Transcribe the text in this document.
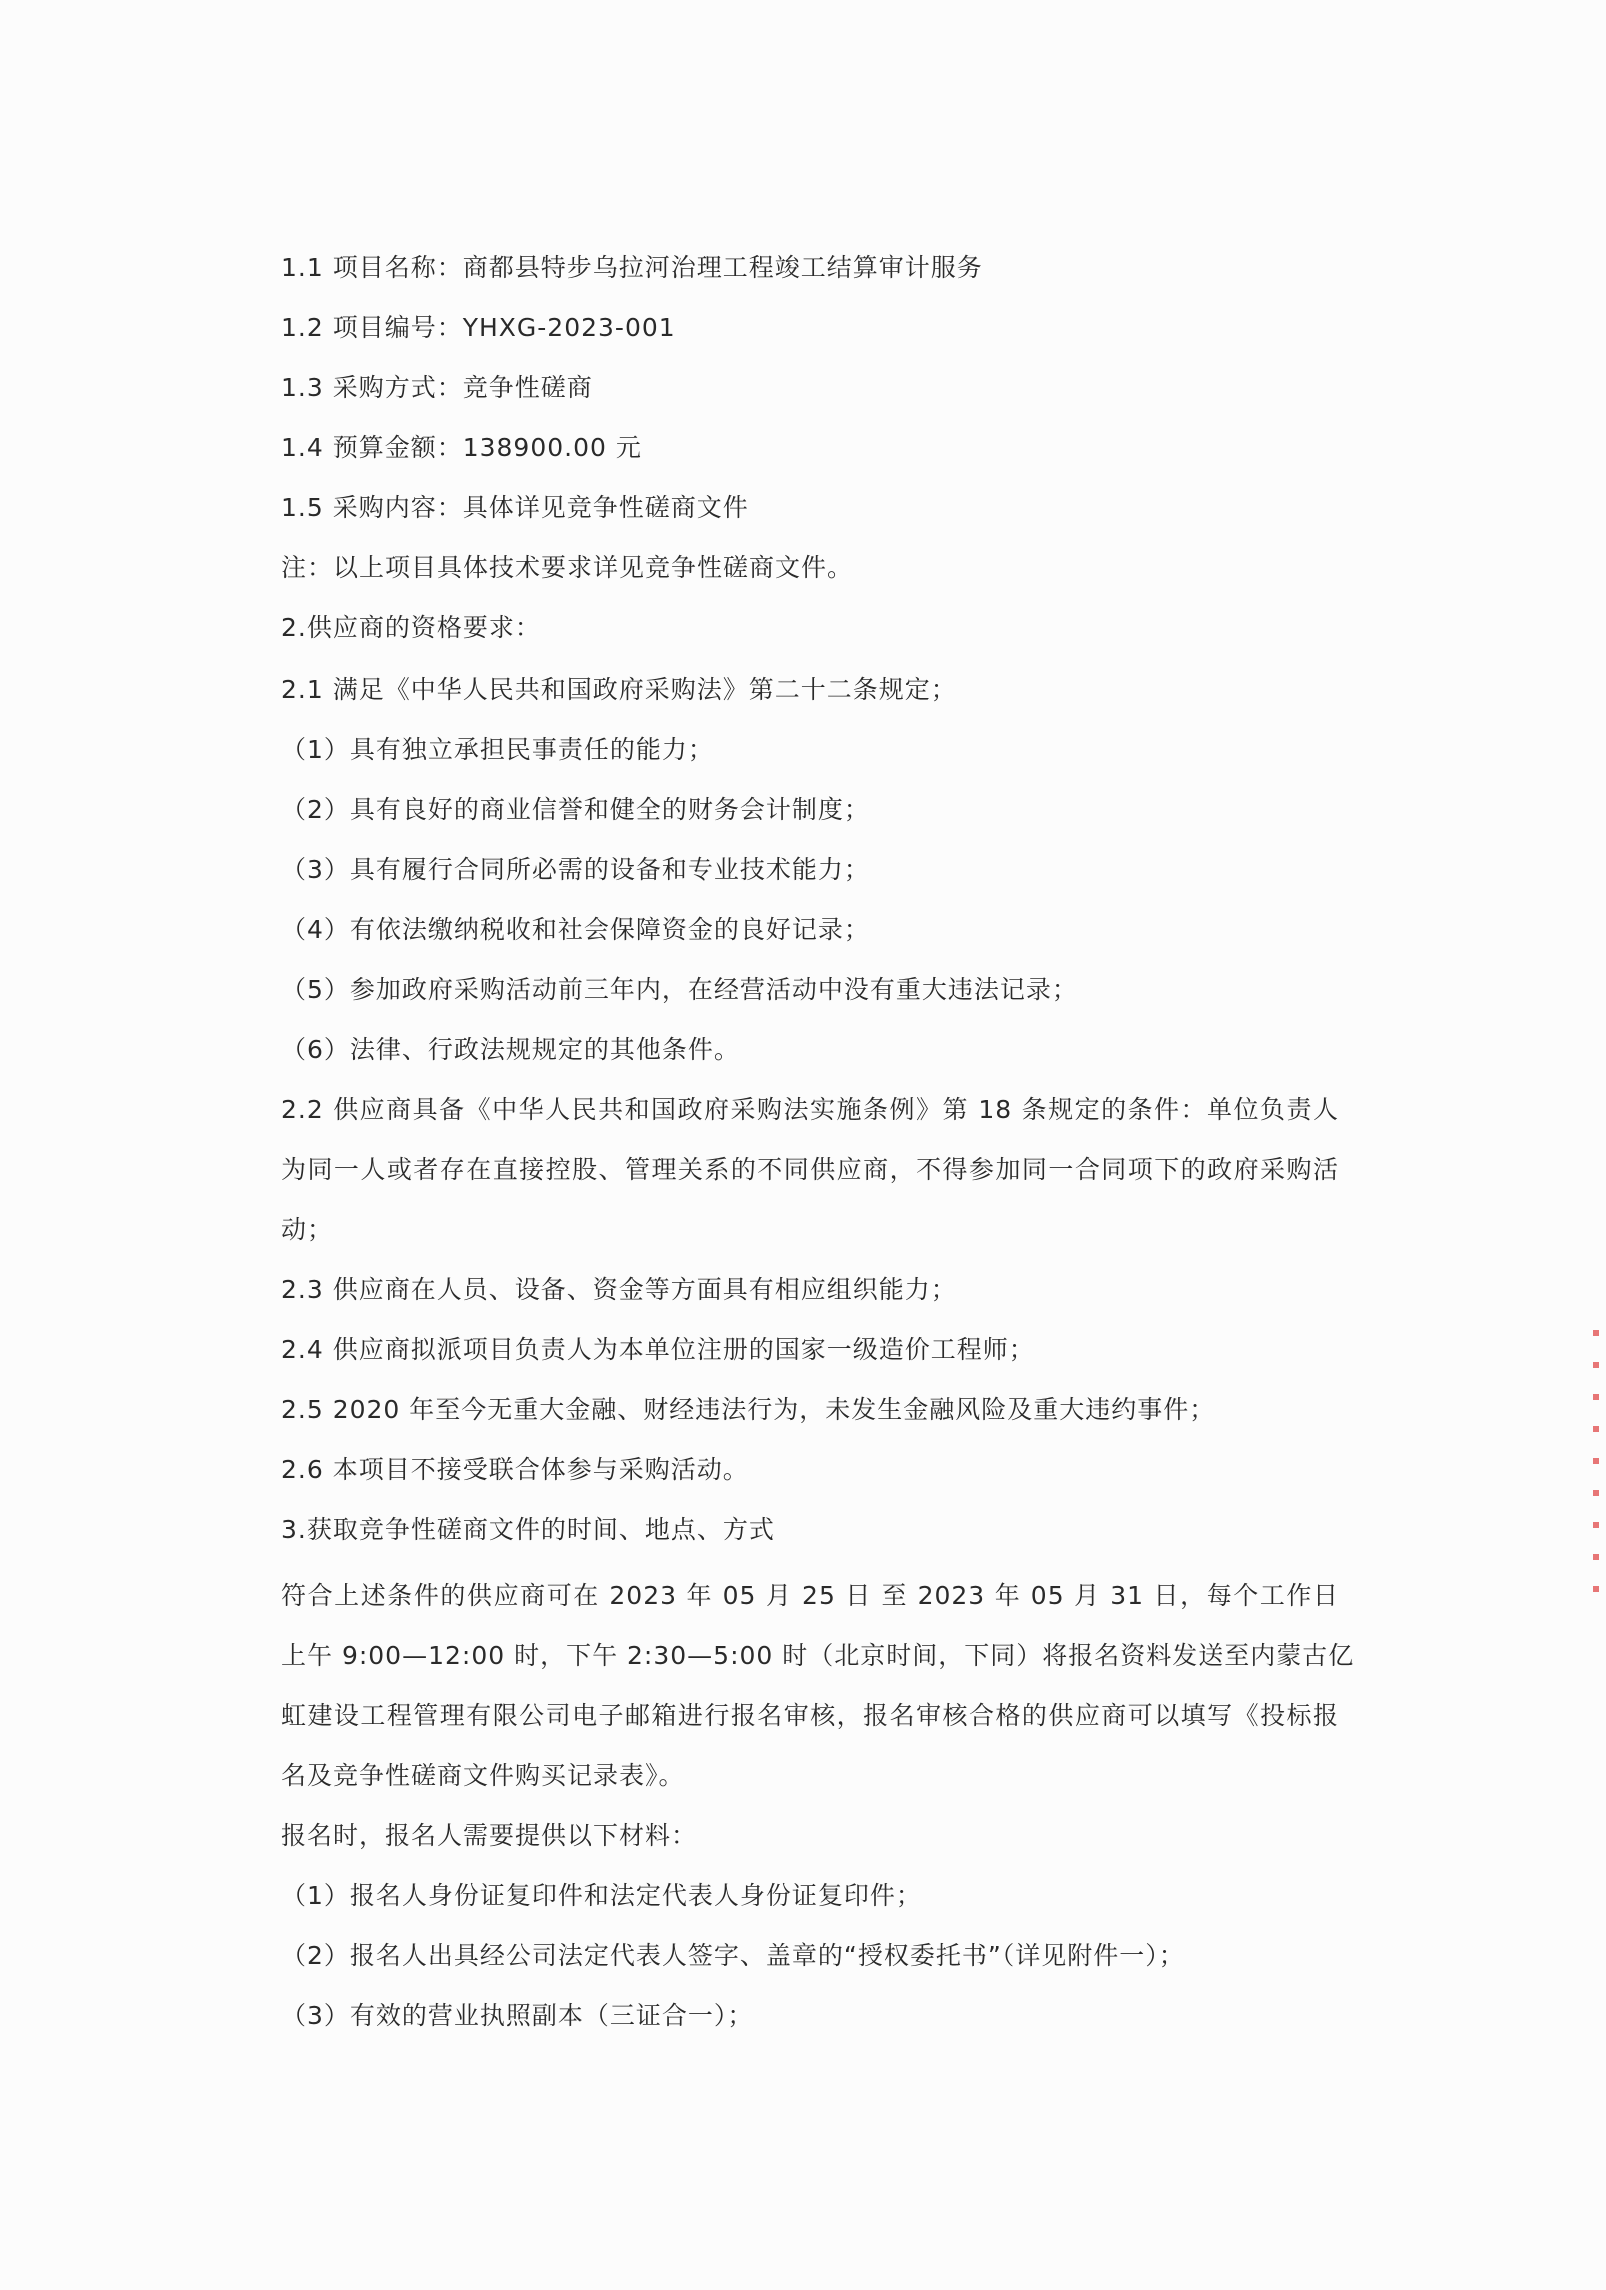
1.1 项目名称：商都县特步乌拉河治理工程竣工结算审计服务
1.2 项目编号：YHXG-2023-001
1.3 采购方式：竞争性磋商
1.4 预算金额：138900.00 元
1.5 采购内容：具体详见竞争性磋商文件
注：以上项目具体技术要求详见竞争性磋商文件。
2.供应商的资格要求：
2.1 满足《中华人民共和国政府采购法》第二十二条规定；
（1）具有独立承担民事责任的能力；
（2）具有良好的商业信誉和健全的财务会计制度；
（3）具有履行合同所必需的设备和专业技术能力；
（4）有依法缴纳税收和社会保障资金的良好记录；
（5）参加政府采购活动前三年内，在经营活动中没有重大违法记录；
（6）法律、行政法规规定的其他条件。
2.2 供应商具备《中华人民共和国政府采购法实施条例》第 18 条规定的条件：单位负责人
为同一人或者存在直接控股、管理关系的不同供应商，不得参加同一合同项下的政府采购活
动；
2.3 供应商在人员、设备、资金等方面具有相应组织能力；
2.4 供应商拟派项目负责人为本单位注册的国家一级造价工程师；
2.5 2020 年至今无重大金融、财经违法行为，未发生金融风险及重大违约事件；
2.6 本项目不接受联合体参与采购活动。
3.获取竞争性磋商文件的时间、地点、方式
符合上述条件的供应商可在 2023 年 05 月 25 日 至 2023 年 05 月 31 日，每个工作日
上午 9:00—12:00 时，下午 2:30—5:00 时（北京时间，下同）将报名资料发送至内蒙古亿
虹建设工程管理有限公司电子邮箱进行报名审核，报名审核合格的供应商可以填写《投标报
名及竞争性磋商文件购买记录表》。
报名时，报名人需要提供以下材料：
（1）报名人身份证复印件和法定代表人身份证复印件；
（2）报名人出具经公司法定代表人签字、盖章的“授权委托书”（详见附件一）；
（3）有效的营业执照副本（三证合一）；
